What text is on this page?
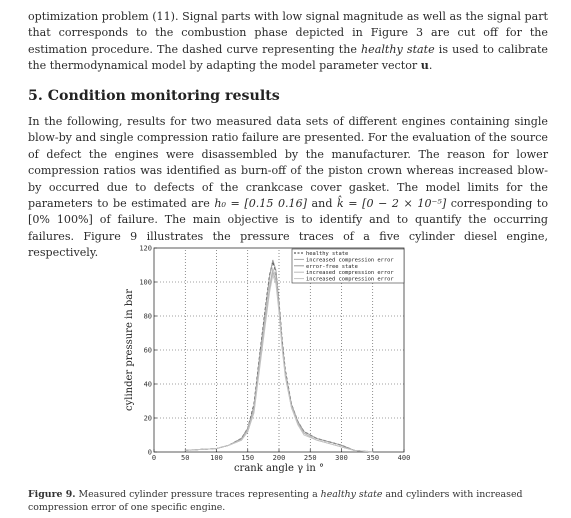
optimization problem (11). Signal parts with low signal magnitude as well as the signal part that corresponds to the combustion phase depicted in Figure 3 are cut off for the estimation procedure. The dashed curve representing the healthy state is used to calibrate the thermodynamical model by adapting the model parameter vector u.

5. Condition monitoring results

In the following, results for two measured data sets of different engines containing single blow-by and single compression ratio failure are presented. For the evaluation of the source of defect the engines were disassembled by the manufacturer. The reason for lower compression ratios was identified as burn-off of the piston crown whereas increased blow-by occurred due to defects of the crankcase cover gasket. The model limits for the parameters to be estimated are h₀ = [0.15 0.16] and k̂ = [0 − 2 × 10⁻⁵] corresponding to [0% 100%] of failure. The main objective is to identify and to quantify the occurring failures. Figure 9 illustrates the pressure traces of a five cylinder diesel engine, respectively.

0	50	100	150	200	250	300	350	400
0
20
40
60
80
100
120
crank angle γ in °
cylinder pressure in bar
healthy state
increased compression error
error-free state
increased compression error
increased compression error

Figure 9. Measured cylinder pressure traces representing a healthy state and cylinders with increased compression error of one specific engine.
